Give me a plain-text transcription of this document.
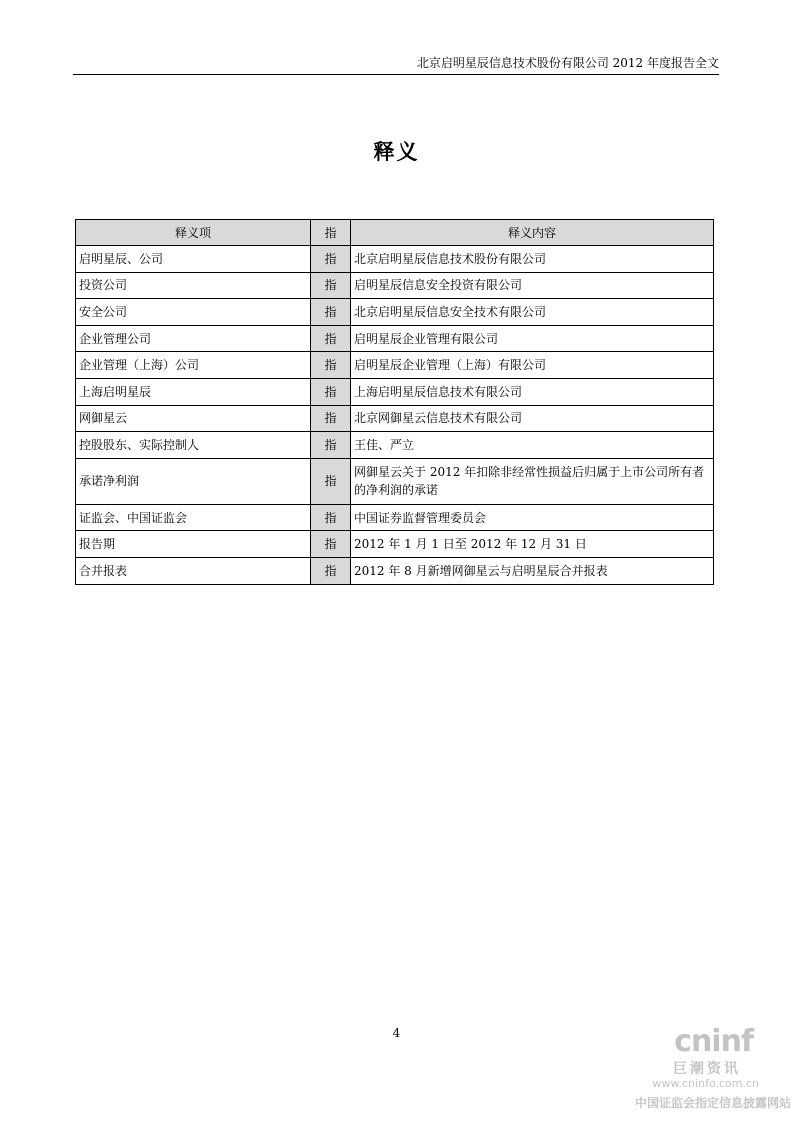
北京启明星辰信息技术股份有限公司 2012 年度报告全文
释义
释义项	指	释义内容
启明星辰、公司	指	北京启明星辰信息技术股份有限公司
投资公司	指	启明星辰信息安全投资有限公司
安全公司	指	北京启明星辰信息安全技术有限公司
企业管理公司	指	启明星辰企业管理有限公司
企业管理（上海）公司	指	启明星辰企业管理（上海）有限公司
上海启明星辰	指	上海启明星辰信息技术有限公司
网御星云	指	北京网御星云信息技术有限公司
控股股东、实际控制人	指	王佳、严立
承诺净利润	指	网御星云关于 2012 年扣除非经常性损益后归属于上市公司所有者的净利润的承诺
证监会、中国证监会	指	中国证券监督管理委员会
报告期	指	2012 年 1 月 1 日至 2012 年 12 月 31 日
合并报表	指	2012 年 8 月新增网御星云与启明星辰合并报表
4	cninf
巨潮资讯
www.cninfo.com.cn
中国证监会指定信息披露网站
